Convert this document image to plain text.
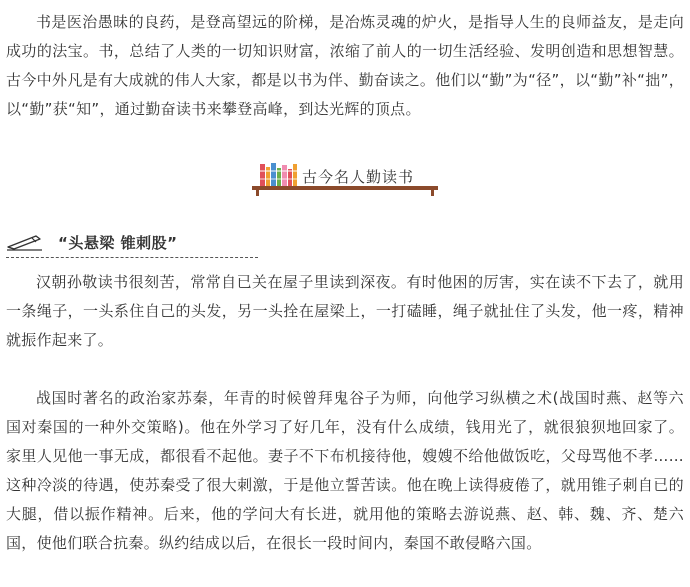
书是医治愚昧的良药，是登高望远的阶梯，是冶炼灵魂的炉火，是指导人生的良师益友，是走向成功的法宝。书，总结了人类的一切知识财富，浓缩了前人的一切生活经验、发明创造和思想智慧。古今中外凡是有大成就的伟人大家，都是以书为伴、勤奋读之。他们以“勤”为“径”，以“勤”补“拙”，以“勤”获“知”，通过勤奋读书来攀登高峰，到达光辉的顶点。

古今名人勤读书
“头悬梁 锥刺股”

汉朝孙敬读书很刻苦，常常自已关在屋子里读到深夜。有时他困的厉害，实在读不下去了，就用一条绳子，一头系住自己的头发，另一头拴在屋梁上，一打磕睡，绳子就扯住了头发，他一疼，精神就振作起来了。

战国时著名的政治家苏秦，年青的时候曾拜鬼谷子为师，向他学习纵横之术(战国时燕、赵等六国对秦国的一种外交策略)。他在外学习了好几年，没有什么成绩，钱用光了，就很狼狈地回家了。家里人见他一事无成，都很看不起他。妻子不下布机接待他，嫂嫂不给他做饭吃，父母骂他不孝……这种冷淡的待遇，使苏秦受了很大刺激，于是他立誓苦读。他在晚上读得疲倦了，就用锥子刺自已的大腿，借以振作精神。后来，他的学问大有长进，就用他的策略去游说燕、赵、韩、魏、齐、楚六国，使他们联合抗秦。纵约结成以后，在很长一段时间内，秦国不敢侵略六国。
